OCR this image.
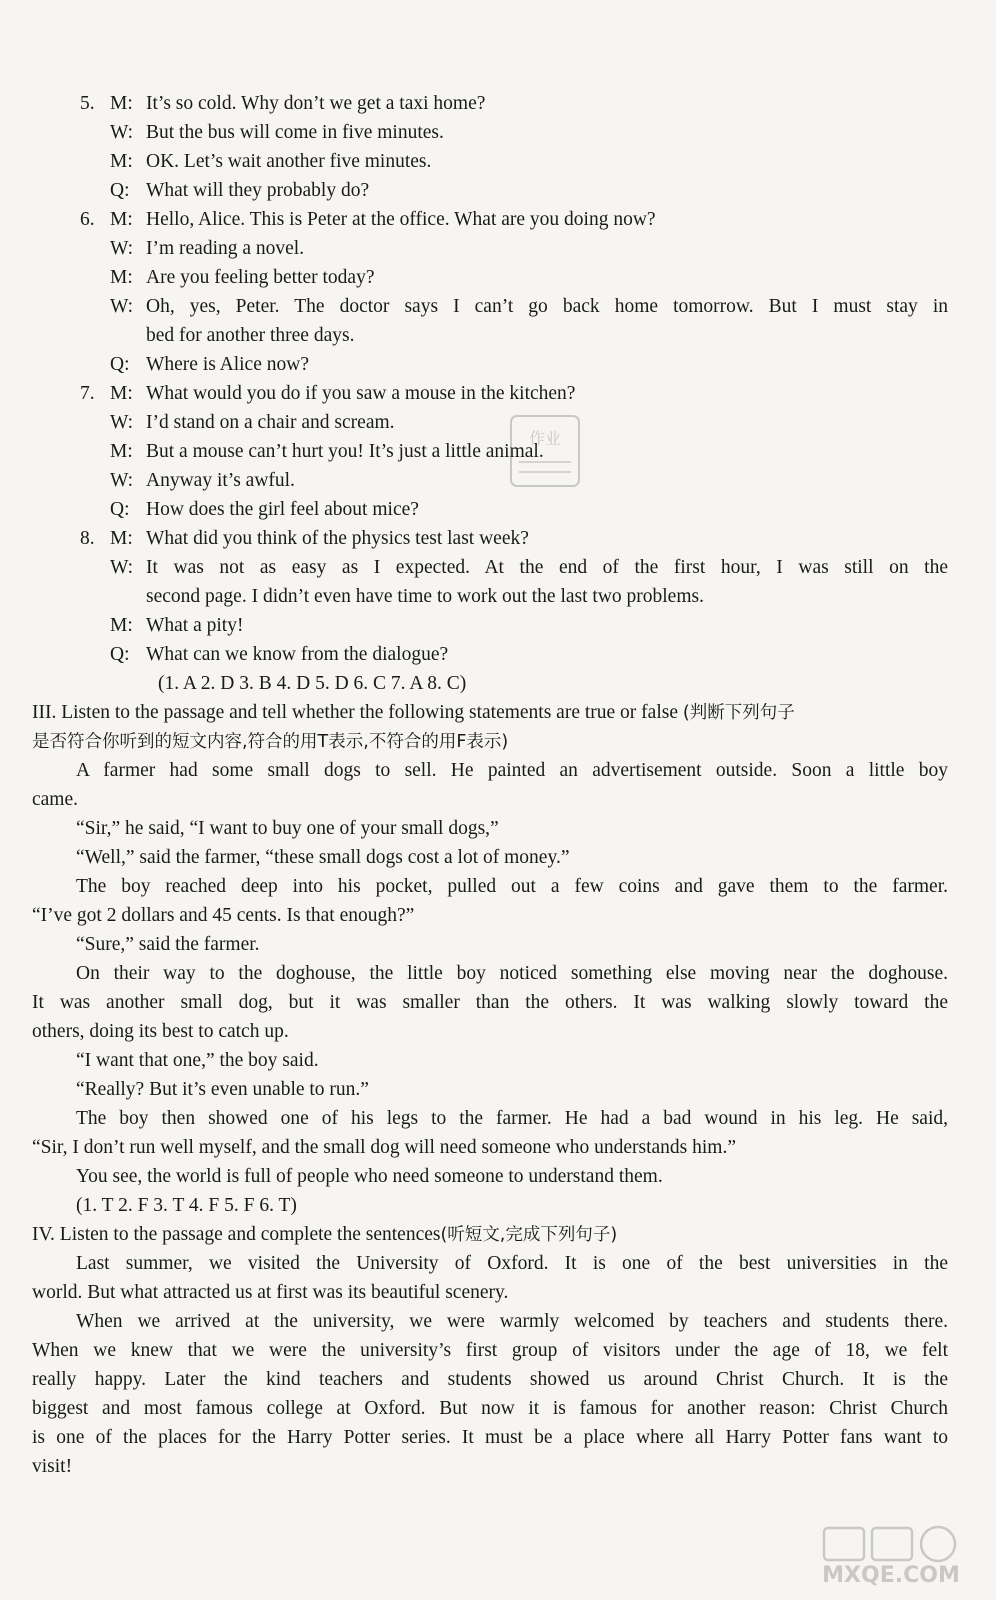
5. M: It’s so cold. Why don’t we get a taxi home?
W: But the bus will come in five minutes.
M: OK. Let’s wait another five minutes.
Q: What will they probably do?
6. M: Hello, Alice. This is Peter at the office. What are you doing now?
W: I’m reading a novel.
M: Are you feeling better today?
W: Oh, yes, Peter. The doctor says I can’t go back home tomorrow. But I must stay in
bed for another three days.
Q: Where is Alice now?
7. M: What would you do if you saw a mouse in the kitchen?
W: I’d stand on a chair and scream.
M: But a mouse can’t hurt you! It’s just a little animal.
W: Anyway it’s awful.
Q: How does the girl feel about mice?
8. M: What did you think of the physics test last week?
W: It was not as easy as I expected. At the end of the first hour, I was still on the
second page. I didn’t even have time to work out the last two problems.
M: What a pity!
Q: What can we know from the dialogue?
(1. A 2. D 3. B 4. D 5. D 6. C 7. A 8. C)
III. Listen to the passage and tell whether the following statements are true or false (判断下列句子
是否符合你听到的短文内容,符合的用T表示,不符合的用F表示)
A farmer had some small dogs to sell. He painted an advertisement outside. Soon a little boy
came.
“Sir,” he said, “I want to buy one of your small dogs,”
“Well,” said the farmer, “these small dogs cost a lot of money.”
The boy reached deep into his pocket, pulled out a few coins and gave them to the farmer.
“I’ve got 2 dollars and 45 cents. Is that enough?”
“Sure,” said the farmer.
On their way to the doghouse, the little boy noticed something else moving near the doghouse.
It was another small dog, but it was smaller than the others. It was walking slowly toward the
others, doing its best to catch up.
“I want that one,” the boy said.
“Really? But it’s even unable to run.”
The boy then showed one of his legs to the farmer. He had a bad wound in his leg. He said,
“Sir, I don’t run well myself, and the small dog will need someone who understands him.”
You see, the world is full of people who need someone to understand them.
(1. T 2. F 3. T 4. F 5. F 6. T)
IV. Listen to the passage and complete the sentences(听短文,完成下列句子)
Last summer, we visited the University of Oxford. It is one of the best universities in the
world. But what attracted us at first was its beautiful scenery.
When we arrived at the university, we were warmly welcomed by teachers and students there.
When we knew that we were the university’s first group of visitors under the age of 18, we felt
really happy. Later the kind teachers and students showed us around Christ Church. It is the
biggest and most famous college at Oxford. But now it is famous for another reason: Christ Church
is one of the places for the Harry Potter series. It must be a place where all Harry Potter fans want to
visit!
作业
MXQE.COM
